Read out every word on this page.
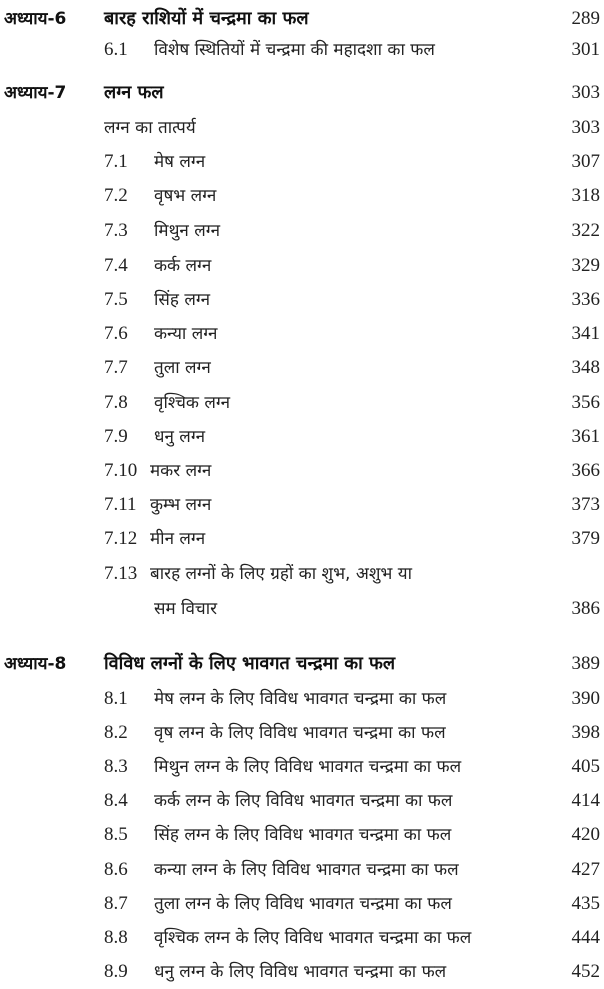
अध्याय-6 बारह राशियों में चन्द्रमा का फल	289
6.1 विशेष स्थितियों में चन्द्रमा की महादशा का फल	301
अध्याय-7 लग्न फल	303
लग्न का तात्पर्य	303
7.1 मेष लग्न	307
7.2 वृषभ लग्न	318
7.3 मिथुन लग्न	322
7.4 कर्क लग्न	329
7.5 सिंह लग्न	336
7.6 कन्या लग्न	341
7.7 तुला लग्न	348
7.8 वृश्चिक लग्न	356
7.9 धनु लग्न	361
7.10 मकर लग्न	366
7.11 कुम्भ लग्न	373
7.12 मीन लग्न	379
7.13 बारह लग्नों के लिए ग्रहों का शुभ, अशुभ या
सम विचार	386
अध्याय-8 विविध लग्नों के लिए भावगत चन्द्रमा का फल	389
8.1 मेष लग्न के लिए विविध भावगत चन्द्रमा का फल	390
8.2 वृष लग्न के लिए विविध भावगत चन्द्रमा का फल	398
8.3 मिथुन लग्न के लिए विविध भावगत चन्द्रमा का फल	405
8.4 कर्क लग्न के लिए विविध भावगत चन्द्रमा का फल	414
8.5 सिंह लग्न के लिए विविध भावगत चन्द्रमा का फल	420
8.6 कन्या लग्न के लिए विविध भावगत चन्द्रमा का फल	427
8.7 तुला लग्न के लिए विविध भावगत चन्द्रमा का फल	435
8.8 वृश्चिक लग्न के लिए विविध भावगत चन्द्रमा का फल	444
8.9 धनु लग्न के लिए विविध भावगत चन्द्रमा का फल	452
